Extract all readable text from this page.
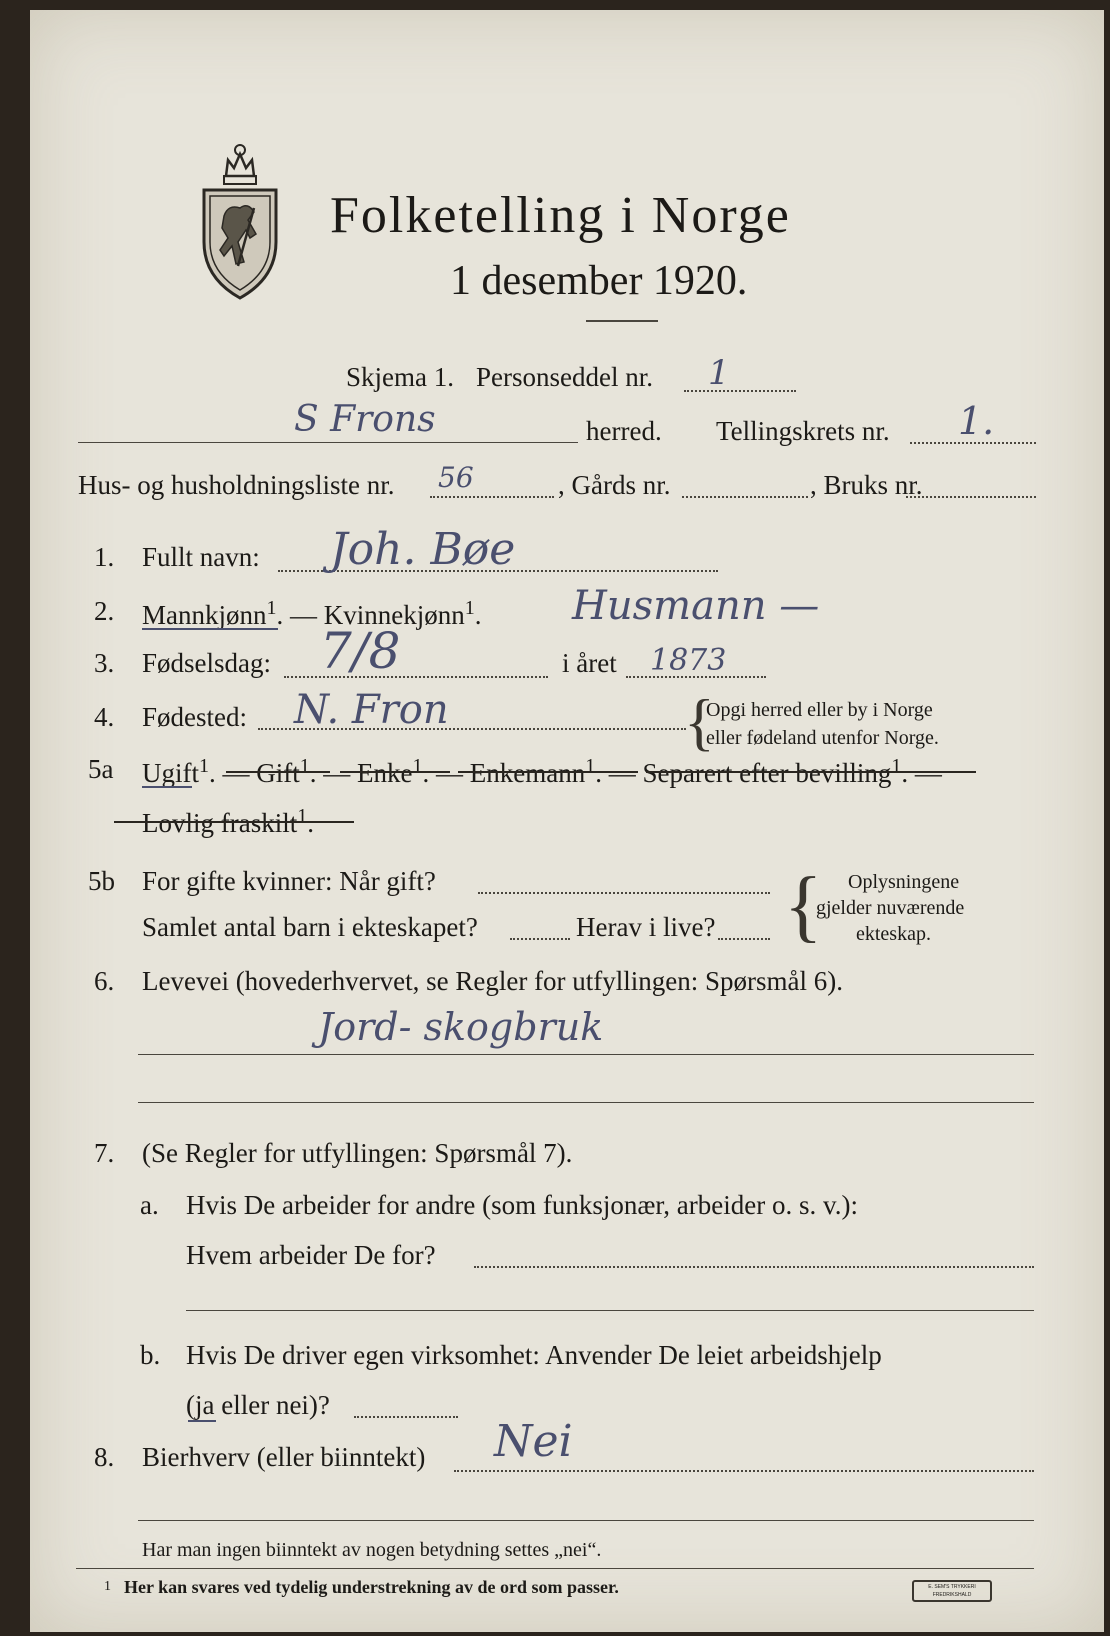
Folketelling i Norge
1 desember 1920.
Skjema 1. Personseddel nr. 1
S Frons	herred. Tellingskrets nr. 1.
Hus- og husholdningsliste nr. 56	, Gårds nr.	, Bruks nr.
1. Fullt navn: Joh. Bøe
2. Mannkjønn$^1$. — Kvinnekjønn$^1$. Husmann —
3. Fødselsdag: 7/8	i året 1873
4. Fødested: N. Fron	{
Opgi herred eller by i Norge
eller fødeland utenfor Norge.
5a Ugift$^1$. — Gift$^1$. — Enke$^1$. — Enkemann$^1$. — Separert efter bevilling$^1$. —
Lovlig fraskilt$^1$.
5b For gifte kvinner: Når gift?
Samlet antal barn i ekteskapet?	Herav i live? { Oplysningene
gjelder nuværende
ekteskap.
6. Levevei (hovederhvervet, se Regler for utfyllingen: Spørsmål 6).
Jord- skogbruk
7. (Se Regler for utfyllingen: Spørsmål 7).
a. Hvis De arbeider for andre (som funksjonær, arbeider o. s. v.):
Hvem arbeider De for?
b. Hvis De driver egen virksomhet: Anvender De leiet arbeidshjelp
(ja eller nei)?
8. Bierhverv (eller biinntekt) Nei
Har man ingen biinntekt av nogen betydning settes „nei“.
1 Her kan svares ved tydelig understrekning av de ord som passer.	E. SEM'S TRYKKERI FREDRIKSHALD
